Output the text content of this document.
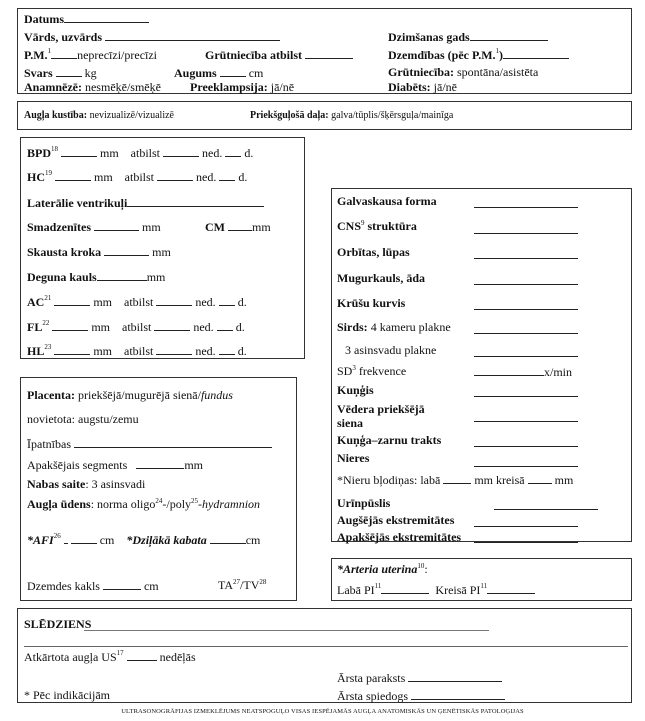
Datums
Vārds, uzvārds	Dzimšanas gads
P.M.$^1$ neprecīzi/precīzi	Grūtniecība atbilst	Dzemdības (pēc P.M.$^1$)
Svars	kg	Augums	cm	Grūtniecība: spontāna/asistēta
Anamnēzē: nesmēķē/smēķē Preeklampsija: jā/nē	Diabēts: jā/nē
Augļa kustība: nevizualizē/vizualizē	Priekšguļošā daļa: galva/tūplis/šķērsguļa/mainīga
BPD$^{18}$	mm atbilst	ned. d.
HC$^{19}$	mm atbilst	ned. d.
Laterālie ventrikuļi
Smadzenītes	mm	CM mm
Skausta kroka	mm
Deguna kauls	mm
AC$^{21}$	mm atbilst	ned. d.
FL$^{22}$	mm atbilst	ned. d.
HL$^{23}$	mm atbilst	ned. d.
Galvaskausa forma
CNS$^9$ struktūra
Orbītas, lūpas
Mugurkauls, āda
Krūšu kurvis
Sirds: 4 kameru plakne
3 asinsvadu plakne
$SD^3$ frekvence	x/min
Kuņģis
Vēdera priekšējā
siena
Kuņģa–zarnu trakts
Nieres
*Nieru bļodiņas: labā	mm kreisā	mm
Urīnpūslis
Augšējās ekstremitātes
Apakšējās ekstremitātes
Placenta: priekšējā/mugurējā sienā/fundus
novietota: augstu/zemu
Īpatnības
Apakšējais segments	mm
Nabas saite: 3 asinsvadi
Augļa ūdens: norma oligo$^{24}$-/poly$^{25}$-hydramnion
*AFI$^{26}$	cm *Dziļākā kabata	cm
Dzemdes kakls	cm	TA$^{27}$/TV$^{28}$
*Arteria uterina$^{10}$:
Labā PI$^{11}$	Kreisā PI$^{11}$
SLĒDZIENS
Atkārtota augļa US$^{17}$	nedēļās
Ārsta paraksts
* Pēc indikācijām	Ārsta spiedogs
ULTRASONOGRĀFIJAS IZMEKLĒJUMS NEATSPOGUĻO VISAS IESPĒJAMĀS AUGĻA ANATOMISKĀS UN ĢENĒTISKĀS PATOLOĢIJAS
